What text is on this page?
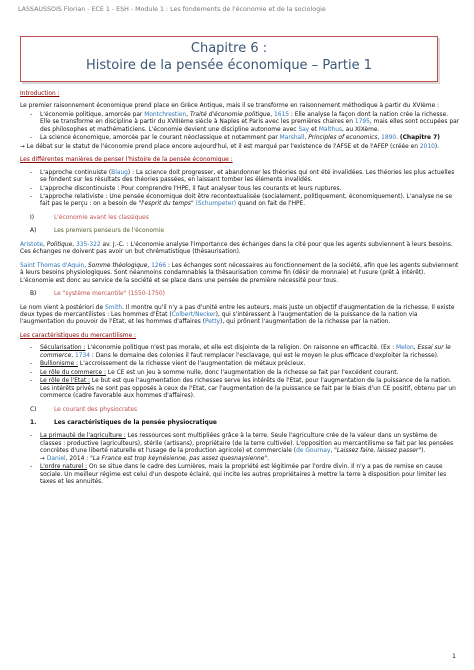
LASSAUSSOIS Florian - ECE 1 - ESH - Module 1 : Les fondements de l'économie et de la sociologie
Chapitre 6 :
Histoire de la pensée économique – Partie 1
Introduction :

Le premier raisonnement économique prend place en Grèce Antique, mais il se transforme en raisonnement méthodique à partir du XVIème :

- L'économie politique, amorcée par Montchrestien, Traité d'économie politique, 1615 : Elle analyse la façon dont la nation crée la richesse. Elle se transforme en discipline à partir du XVIIIème siècle à Naples et Paris avec les premières chaires en 1795, mais elles sont occupées par des philosophes et mathématiciens. L'économie devient une discipline autonome avec Say et Malthus, au XIXème.
- La science économique, amorcée par le courant néoclassique et notamment par Marshall, Principles of economics, 1890. (Chapitre 7)

→ Le débat sur le statut de l'économie prend place encore aujourd'hui, et il est marqué par l'existence de l'AFSE et de l'AFEP (créée en 2010).

Les différentes manières de penser l'histoire de la pensée économique :
- L'approche continuiste (Blaug) : La science doit progresser, et abandonner les théories qui ont été invalidées. Les théories les plus actuelles se fondent sur les résultats des théories passées, en laissant tomber les éléments invalidés.
- L'approche discontinuiste : Pour comprendre l'HPE, il faut analyser tous les courants et leurs ruptures.
- L'approche relativiste : Une pensée économique doit être recontextualisée (socialement, politiquement, économiquement). L'analyse ne se fait pas le perçu : on a besoin de "l'esprit du temps" (Schumpeter) quand on fait de l'HPE.
I)	L'économie avant les classiques
A)	Les premiers penseurs de l'économie

Aristote, Politique, 335-322 av. J.-C. : L'économie analyse l'importance des échanges dans la cité pour que les agents subviennent à leurs besoins. Ces échanges ne doivent pas avoir un but chrématistique (thésaurisation).

Saint Thomas d'Aquin, Somme théologique, 1266 : Les échanges sont nécessaires au fonctionnement de la société, afin que les agents subviennent à leurs besoins physiologiques. Sont néanmoins condamnables la thésaurisation comme fin (désir de monnaie) et l'usure (prêt à intérêt). L'économie est donc au service de la société et se place dans une pensée de première nécessité pour tous.

B)	Le "système mercantile" (1550-1750)

Le nom vient à postériori de Smith. Il montre qu'il n'y a pas d'unité entre les auteurs, mais juste un objectif d'augmentation de la richesse. Il existe deux types de mercantilistes : Les hommes d'Etat (Colbert/Necker), qui s'intéressent à l'augmentation de la puissance de la nation via l'augmentation du pouvoir de l'Etat, et les hommes d'affaires (Petty), qui prônent l'augmentation de la richesse par la nation.

Les caractéristiques du mercantilisme :
- Sécularisation : L'économie politique n'est pas morale, et elle est disjointe de la religion. On raisonne en efficacité. (Ex : Melon, Essai sur le commerce, 1734 : Dans le domaine des colonies il faut remplacer l'esclavage, qui est le moyen le plus efficace d'exploiter la richesse).
- Bullionisme : L'accroissement de la richesse vient de l'augmentation de métaux précieux.
- Le rôle du commerce : Le CE est un jeu à somme nulle, donc l'augmentation de la richesse se fait par l'excédent courant.
- Le rôle de l'Etat : Le but est que l'augmentation des richesses serve les intérêts de l'Etat, pour l'augmentation de la puissance de la nation. Les intérêts privés ne sont pas opposés à ceux de l'Etat, car l'augmentation de la puissance se fait par le biais d'un CE positif, obtenu par un commerce (cadre favorable aux hommes d'affaires).
C)	Le courant des physiocrates
1.	Les caractéristiques de la pensée physiocratique
- La primauté de l'agriculture : Les ressources sont multipliées grâce à la terre. Seule l'agriculture crée de la valeur dans un système de classes : productive (agriculteurs), stérile (artisans), propriétaire (de la terre cultivée). L'opposition au mercantilisme se fait par les pensées concrètes d'une liberté naturelle et l'usage de la production agricole) et commerciale (de Gournay, "Laissez faire, laissez passer").
→ Daniel, 2014 : "La France est trop keynésienne, pas assez quesnaysienne".
- L'ordre naturel : On se situe dans le cadre des Lumières, mais la propriété est légitimée par l'ordre divin. Il n'y a pas de remise en cause sociale. Un meilleur régime est celui d'un despote éclairé, qui incite les autres propriétaires à mettre la terre à disposition pour limiter les taxes et les annuités.
1
